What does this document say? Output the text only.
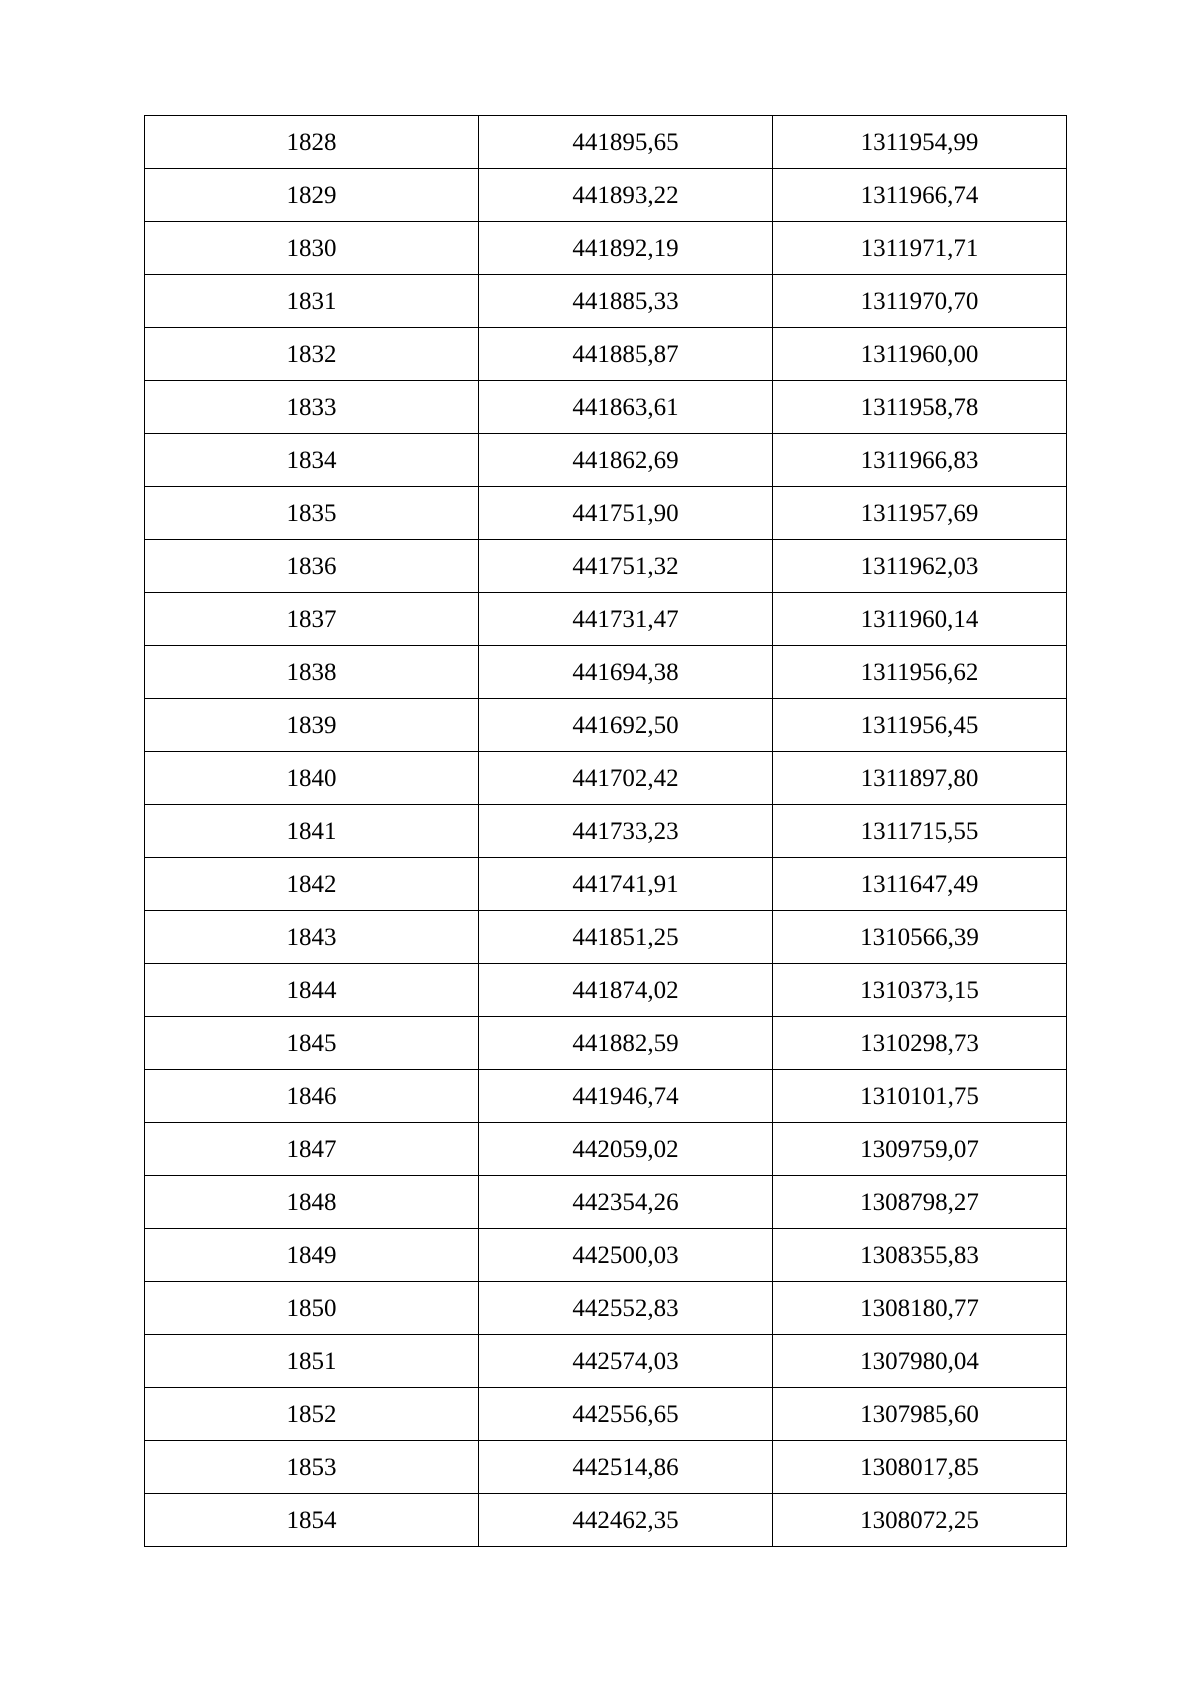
1828	441895,65	1311954,99
1829	441893,22	1311966,74
1830	441892,19	1311971,71
1831	441885,33	1311970,70
1832	441885,87	1311960,00
1833	441863,61	1311958,78
1834	441862,69	1311966,83
1835	441751,90	1311957,69
1836	441751,32	1311962,03
1837	441731,47	1311960,14
1838	441694,38	1311956,62
1839	441692,50	1311956,45
1840	441702,42	1311897,80
1841	441733,23	1311715,55
1842	441741,91	1311647,49
1843	441851,25	1310566,39
1844	441874,02	1310373,15
1845	441882,59	1310298,73
1846	441946,74	1310101,75
1847	442059,02	1309759,07
1848	442354,26	1308798,27
1849	442500,03	1308355,83
1850	442552,83	1308180,77
1851	442574,03	1307980,04
1852	442556,65	1307985,60
1853	442514,86	1308017,85
1854	442462,35	1308072,25
